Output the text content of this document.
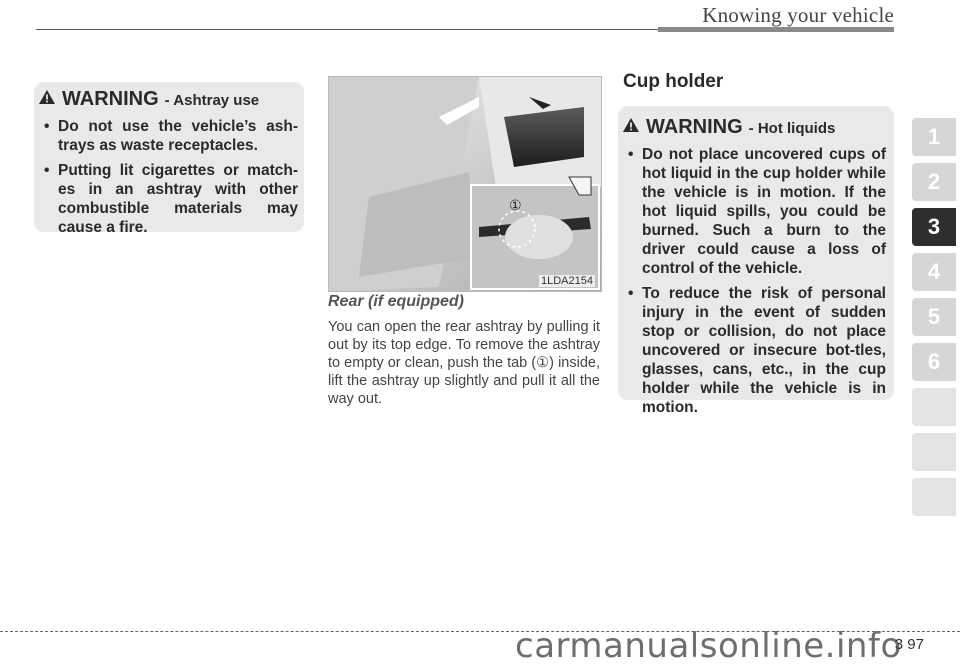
Knowing your vehicle
WARNING - Ashtray use
• Do not use the vehicle’s ash-trays as waste receptacles.
• Putting lit cigarettes or match-es in an ashtray with other combustible materials may cause a fire.
①
1LDA2154
Rear (if equipped)
You can open the rear ashtray by pulling it out by its top edge. To remove the ashtray to empty or clean, push the tab (①) inside, lift the ashtray up slightly and pull it all the way out.
Cup holder
WARNING - Hot liquids
• Do not place uncovered cups of hot liquid in the cup holder while the vehicle is in motion. If the hot liquid spills, you could be burned. Such a burn to the driver could cause a loss of control of the vehicle.
• To reduce the risk of personal injury in the event of sudden stop or collision, do not place uncovered or insecure bot-tles, glasses, cans, etc., in the cup holder while the vehicle is in motion.
1
2
3
4
5
6
carmanualsonline.info
3 97
